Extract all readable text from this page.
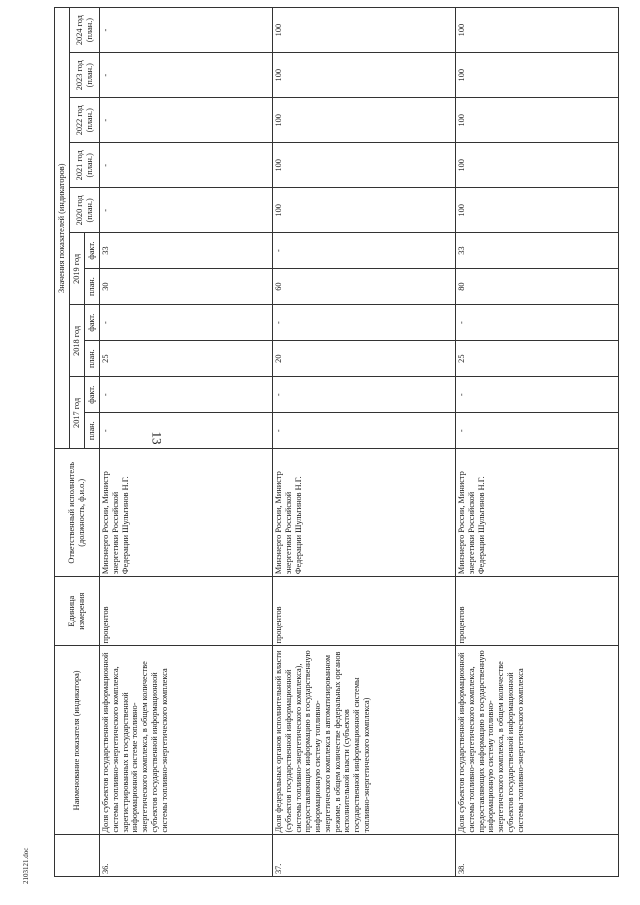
13
2103121.doc
	Наименование показателя (индикатора)	Единица измерения	Ответственный исполнитель (должность, ф.и.о.)	Значения показателей (индикаторов)										
				2017 год		2018 год		2019 год		2020 год (план.)	2021 год (план.)	2022 год (план.)	2023 год (план.)	2024 год (план.)
				план.	факт.	план.	факт.	план.	факт.					
36.	Доля субъектов государственной информационной системы топливно-энергетического комплекса, зарегистрированных в государственной информационной системе топливно-энергетического комплекса, в общем количестве субъектов государственной информационной системы топливно-энергетического комплекса	процентов	Минэнерго России, Министр энергетики Российской Федерации Шульгинов Н.Г.	-	-	25	-	30	33	-	-	-	-	-
37.	Доля федеральных органов исполнительной власти (субъектов государственной информационной системы топливно-энергетического комплекса), предоставляющих информацию в государственную информационную систему топливно-энергетического комплекса в автоматизированном режиме, в общем количестве федеральных органов исполнительной власти (субъектов государственной информационной системы топливно-энергетического комплекса)	процентов	Минэнерго России, Министр энергетики Российской Федерации Шульгинов Н.Г.	-	-	20	-	60	-	100	100	100	100	100
38.	Доля субъектов государственной информационной системы топливно-энергетического комплекса, предоставляющих информацию в государственную информационную систему топливно-энергетического комплекса, в общем количестве субъектов государственной информационной системы топливно-энергетического комплекса	процентов	Минэнерго России, Министр энергетики Российской Федерации Шульгинов Н.Г.	-	-	25	-	80	33	100	100	100	100	100
